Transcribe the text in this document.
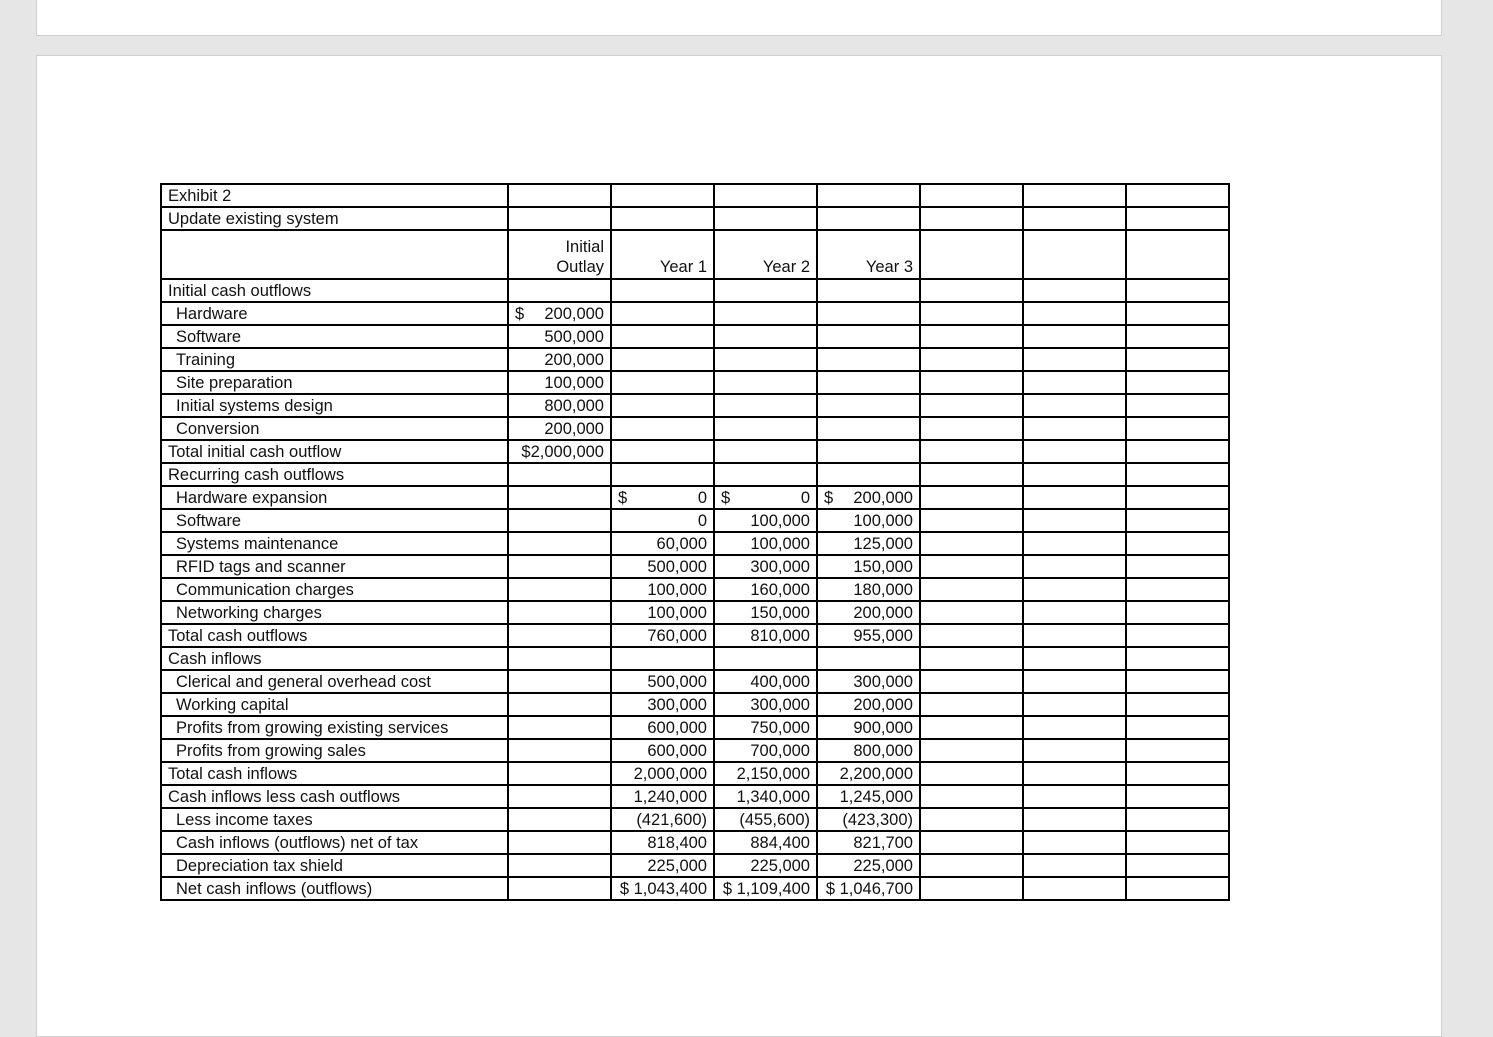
Exhibit 2							
Update existing system							

	Initial
Outlay	Year 1	Year 2	Year 3			

Initial cash outflows							
Hardware	$ 200,000						

Software	500,000						
Training	200,000						
Site preparation	100,000						
Initial systems design	800,000						
Conversion	200,000						
Total initial cash outflow	$2,000,000						
Recurring cash outflows							
Hardware expansion		$ 0	$ 0	$ 200,000			

Software		0	100,000	100,000			
Systems maintenance		60,000	100,000	125,000			
RFID tags and scanner		500,000	300,000	150,000			
Communication charges		100,000	160,000	180,000			
Networking charges		100,000	150,000	200,000			
Total cash outflows		760,000	810,000	955,000			
Cash inflows							
Clerical and general overhead cost		500,000	400,000	300,000			
Working capital		300,000	300,000	200,000			
Profits from growing existing services		600,000	750,000	900,000			
Profits from growing sales		600,000	700,000	800,000			
Total cash inflows		2,000,000	2,150,000	2,200,000			
Cash inflows less cash outflows		1,240,000	1,340,000	1,245,000			
Less income taxes		(421,600)	(455,600)	(423,300)			
Cash inflows (outflows) net of tax		818,400	884,400	821,700			
Depreciation tax shield		225,000	225,000	225,000			
Net cash inflows (outflows)		$ 1,043,400	$ 1,109,400	$ 1,046,700			
